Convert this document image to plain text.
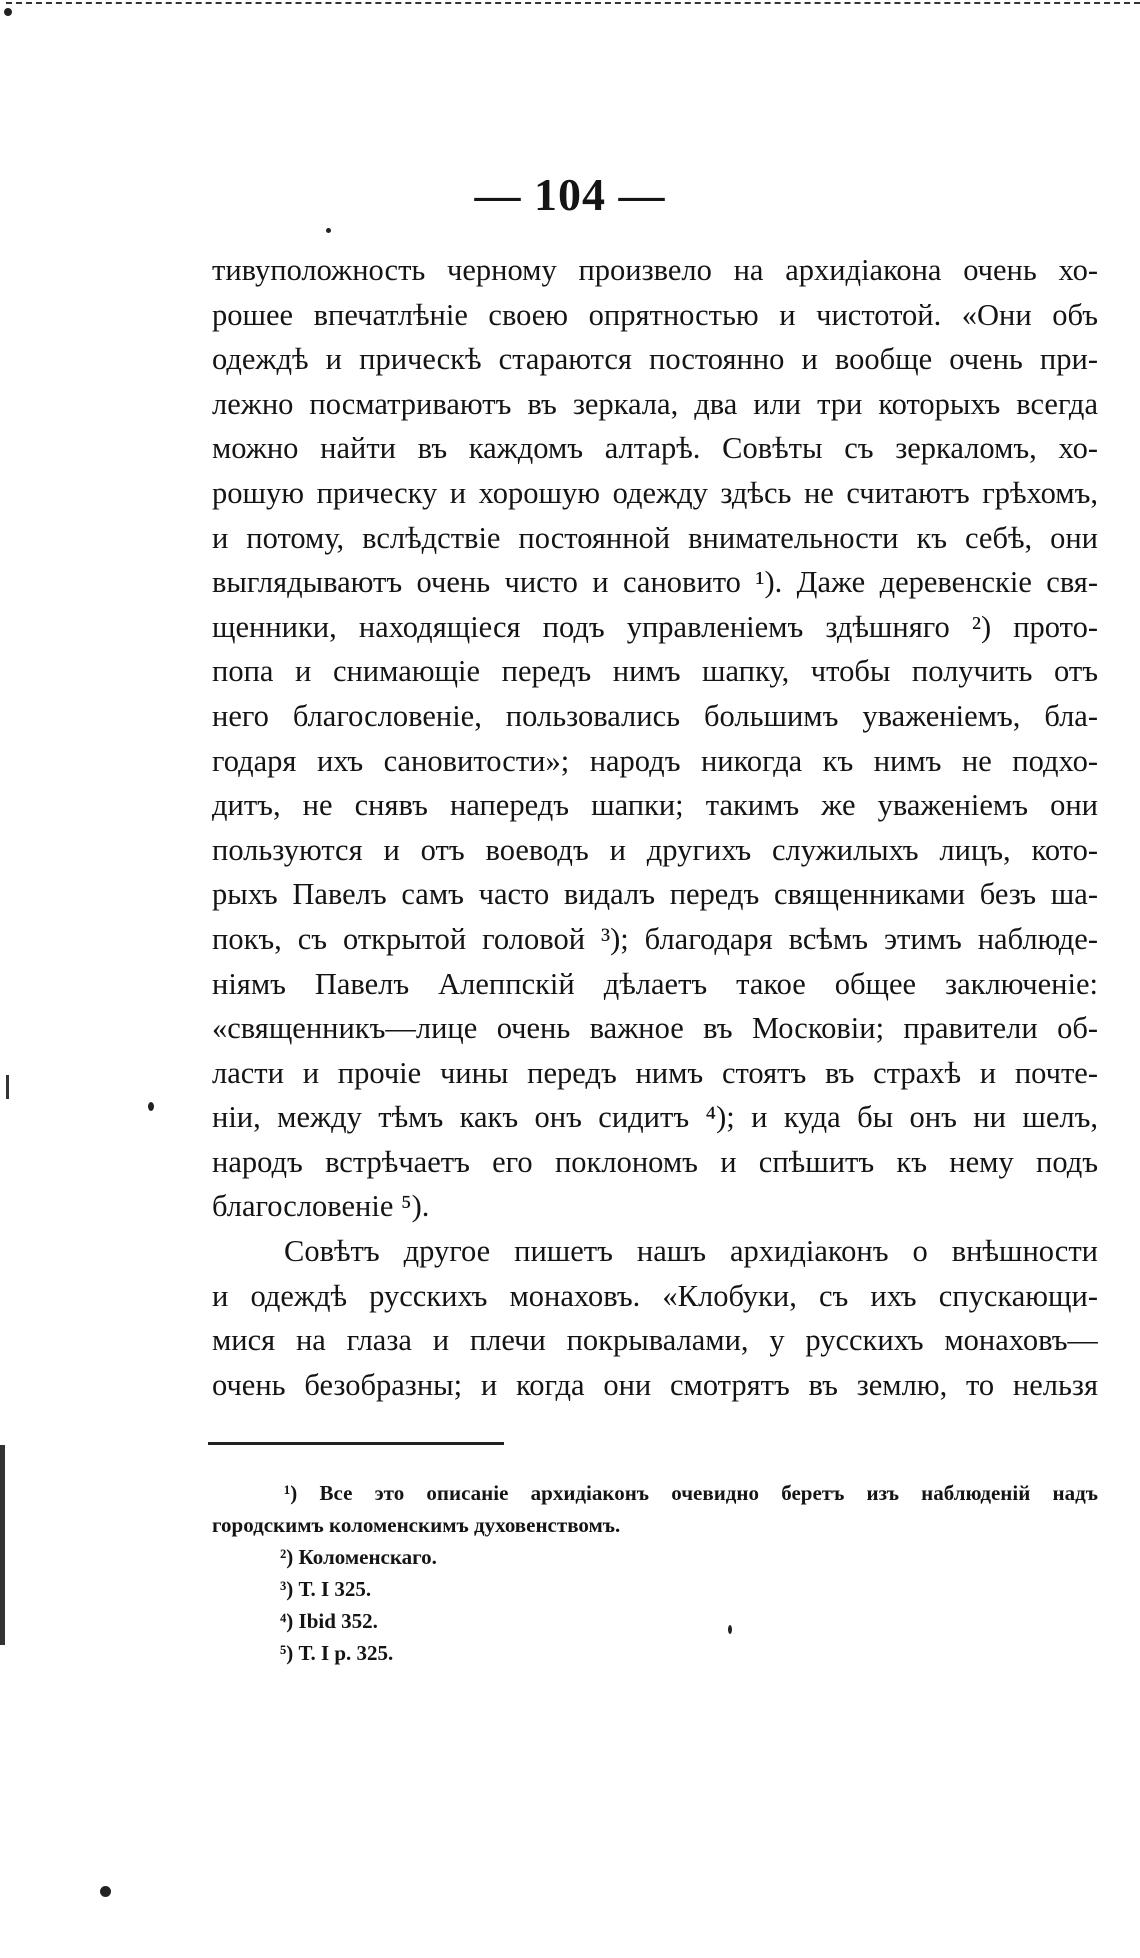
— 104 —
тивуположность черному произвело на архидіакона очень хо-
рошее впечатлѣніе своею опрятностью и чистотой. «Они объ
одеждѣ и прическѣ стараются постоянно и вообще очень при-
лежно посматриваютъ въ зеркала, два или три которыхъ всегда
можно найти въ каждомъ алтарѣ. Совѣты съ зеркаломъ, хо-
рошую прическу и хорошую одежду здѣсь не считаютъ грѣхомъ,
и потому, вслѣдствіе постоянной внимательности къ себѣ, они
выглядываютъ очень чисто и сановито ¹). Даже деревенскіе свя-
щенники, находящіеся подъ управленіемъ здѣшняго ²) прото-
попа и снимающіе передъ нимъ шапку, чтобы получить отъ
него благословеніе, пользовались большимъ уваженіемъ, бла-
годаря ихъ сановитости»; народъ никогда къ нимъ не подхо-
дитъ, не снявъ напередъ шапки; такимъ же уваженіемъ они
пользуются и отъ воеводъ и другихъ служилыхъ лицъ, кото-
рыхъ Павелъ самъ часто видалъ передъ священниками безъ ша-
покъ, съ открытой головой ³); благодаря всѣмъ этимъ наблюде-
ніямъ Павелъ Алеппскій дѣлаетъ такое общее заключеніе:
«священникъ—лице очень важное въ Московіи; правители об-
ласти и прочіе чины передъ нимъ стоятъ въ страхѣ и почте-
ніи, между тѣмъ какъ онъ сидитъ ⁴); и куда бы онъ ни шелъ,
народъ встрѣчаетъ его поклономъ и спѣшитъ къ нему подъ
благословеніе ⁵).
Совѣтъ другое пишетъ нашъ архидіаконъ о внѣшности
и одеждѣ русскихъ монаховъ. «Клобуки, съ ихъ спускающи-
мися на глаза и плечи покрывалами, у русскихъ монаховъ—
очень безобразны; и когда они смотрятъ въ землю, то нельзя
¹) Все это описаніе архидіаконъ очевидно беретъ изъ наблюденій надъ
городскимъ коломенскимъ духовенствомъ.
²) Коломенскаго.
³) Т. I 325.
⁴) Ibid 352.
⁵) Т. I р. 325.
